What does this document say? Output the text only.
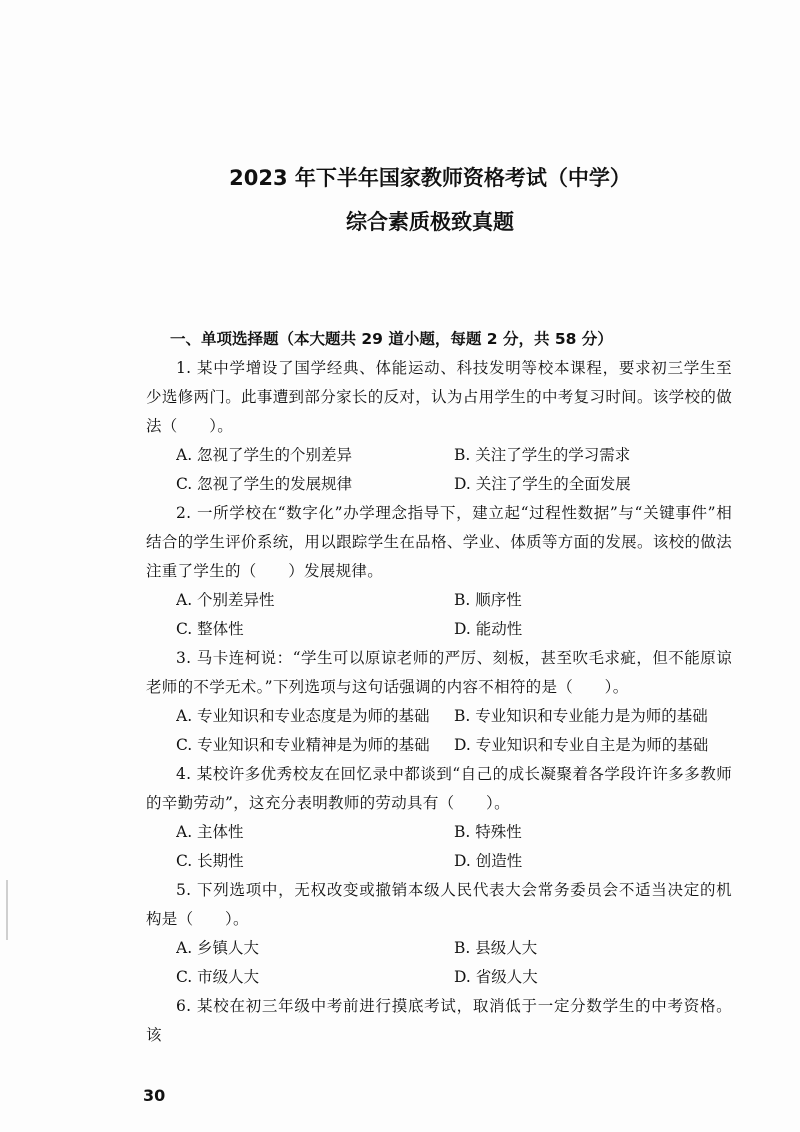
2023 年下半年国家教师资格考试（中学）
综合素质极致真题
一、单项选择题（本大题共 29 道小题，每题 2 分，共 58 分）

1. 某中学增设了国学经典、体能运动、科技发明等校本课程，要求初三学生至少选修两门。此事遭到部分家长的反对，认为占用学生的中考复习时间。该学校的做法（　　）。

A. 忽视了学生的个别差异	B. 关注了学生的学习需求
C. 忽视了学生的发展规律	D. 关注了学生的全面发展

2. 一所学校在“数字化”办学理念指导下，建立起“过程性数据”与“关键事件”相结合的学生评价系统，用以跟踪学生在品格、学业、体质等方面的发展。该校的做法注重了学生的（　　）发展规律。

A. 个别差异性	B. 顺序性
C. 整体性	D. 能动性

3. 马卡连柯说：“学生可以原谅老师的严厉、刻板，甚至吹毛求疵，但不能原谅老师的不学无术。”下列选项与这句话强调的内容不相符的是（　　）。

A. 专业知识和专业态度是为师的基础	B. 专业知识和专业能力是为师的基础
C. 专业知识和专业精神是为师的基础	D. 专业知识和专业自主是为师的基础

4. 某校许多优秀校友在回忆录中都谈到“自己的成长凝聚着各学段许许多多教师的辛勤劳动”，这充分表明教师的劳动具有（　　）。

A. 主体性	B. 特殊性
C. 长期性	D. 创造性

5. 下列选项中，无权改变或撤销本级人民代表大会常务委员会不适当决定的机构是（　　）。

A. 乡镇人大	B. 县级人大
C. 市级人大	D. 省级人大

6. 某校在初三年级中考前进行摸底考试，取消低于一定分数学生的中考资格。该

30
